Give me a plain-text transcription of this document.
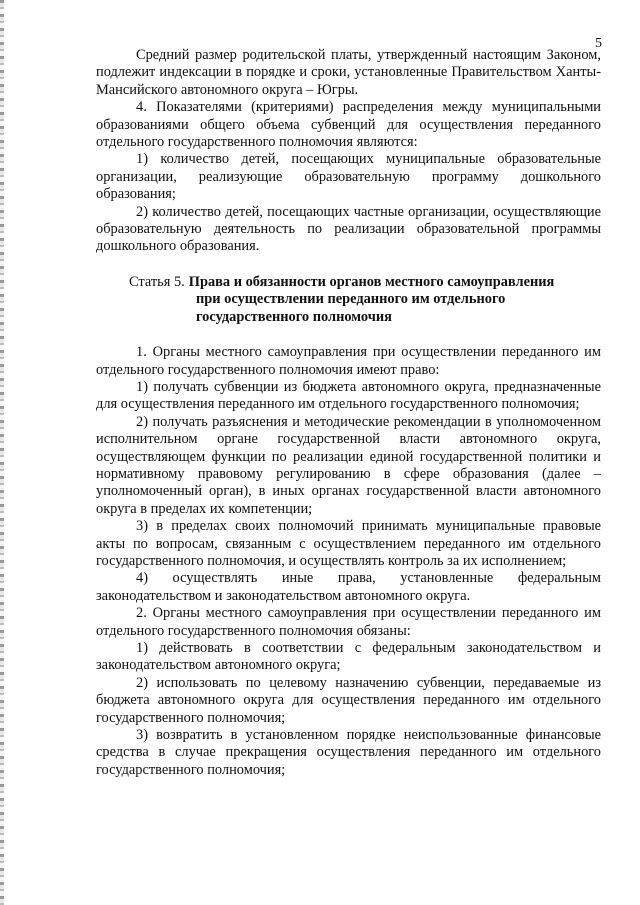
5

Средний размер родительской платы, утвержденный настоящим Законом, подлежит индексации в порядке и сроки, установленные Правительством Ханты-Мансийского автономного округа – Югры.

4. Показателями (критериями) распределения между муниципальными образованиями общего объема субвенций для осуществления переданного отдельного государственного полномочия являются:

1) количество детей, посещающих муниципальные образовательные организации, реализующие образовательную программу дошкольного образования;

2) количество детей, посещающих частные организации, осуществляющие образовательную деятельность по реализации образовательной программы дошкольного образования.

Статья 5. Права и обязанности органов местного самоуправления
при осуществлении переданного им отдельного
государственного полномочия

1. Органы местного самоуправления при осуществлении переданного им отдельного государственного полномочия имеют право:

1) получать субвенции из бюджета автономного округа, предназначенные для осуществления переданного им отдельного государственного полномочия;

2) получать разъяснения и методические рекомендации в уполномоченном исполнительном органе государственной власти автономного округа, осуществляющем функции по реализации единой государственной политики и нормативному правовому регулированию в сфере образования (далее – уполномоченный орган), в иных органах государственной власти автономного округа в пределах их компетенции;

3) в пределах своих полномочий принимать муниципальные правовые акты по вопросам, связанным с осуществлением переданного им отдельного государственного полномочия, и осуществлять контроль за их исполнением;

4) осуществлять иные права, установленные федеральным законодательством и законодательством автономного округа.

2. Органы местного самоуправления при осуществлении переданного им отдельного государственного полномочия обязаны:

1) действовать в соответствии с федеральным законодательством и законодательством автономного округа;

2) использовать по целевому назначению субвенции, передаваемые из бюджета автономного округа для осуществления переданного им отдельного государственного полномочия;

3) возвратить в установленном порядке неиспользованные финансовые средства в случае прекращения осуществления переданного им отдельного государственного полномочия;
